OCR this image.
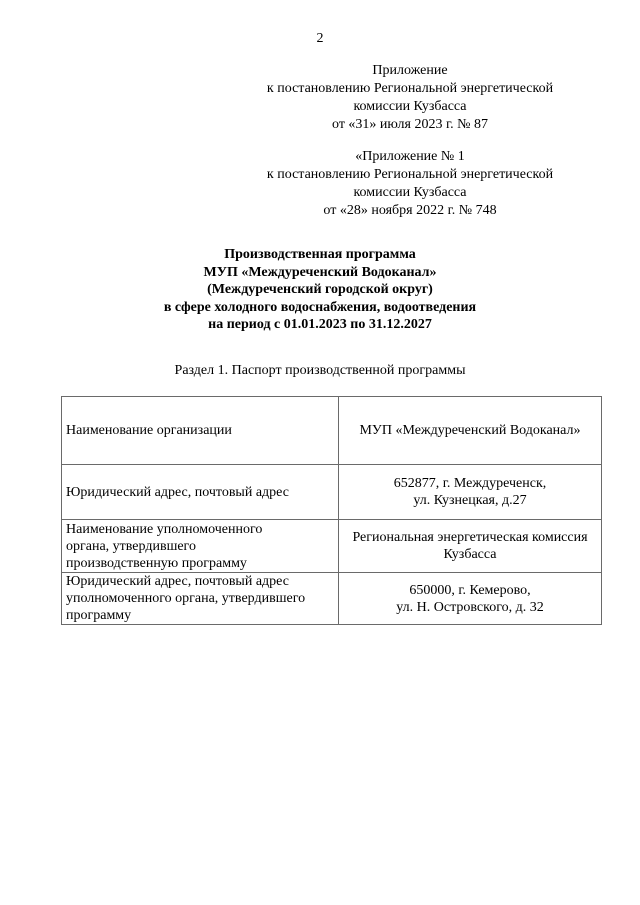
2
Приложение
к постановлению Региональной энергетической
комиссии Кузбасса
от «31» июля 2023 г. № 87
«Приложение № 1
к постановлению Региональной энергетической
комиссии Кузбасса
от «28» ноября 2022 г. № 748
Производственная программа
МУП «Междуреченский Водоканал»
(Междуреченский городской округ)
в сфере холодного водоснабжения, водоотведения
на период с 01.01.2023 по 31.12.2027
Раздел 1. Паспорт производственной программы
Наименование организации	МУП «Междуреченский Водоканал»

Юридический адрес, почтовый адрес	652877, г. Междуреченск,
ул. Кузнецкая, д.27

Наименование уполномоченного
органа, утвердившего
производственную программу	Региональная энергетическая комиссия
Кузбасса

Юридический адрес, почтовый адрес
уполномоченного органа, утвердившего
программу	650000, г. Кемерово,
ул. Н. Островского, д. 32
